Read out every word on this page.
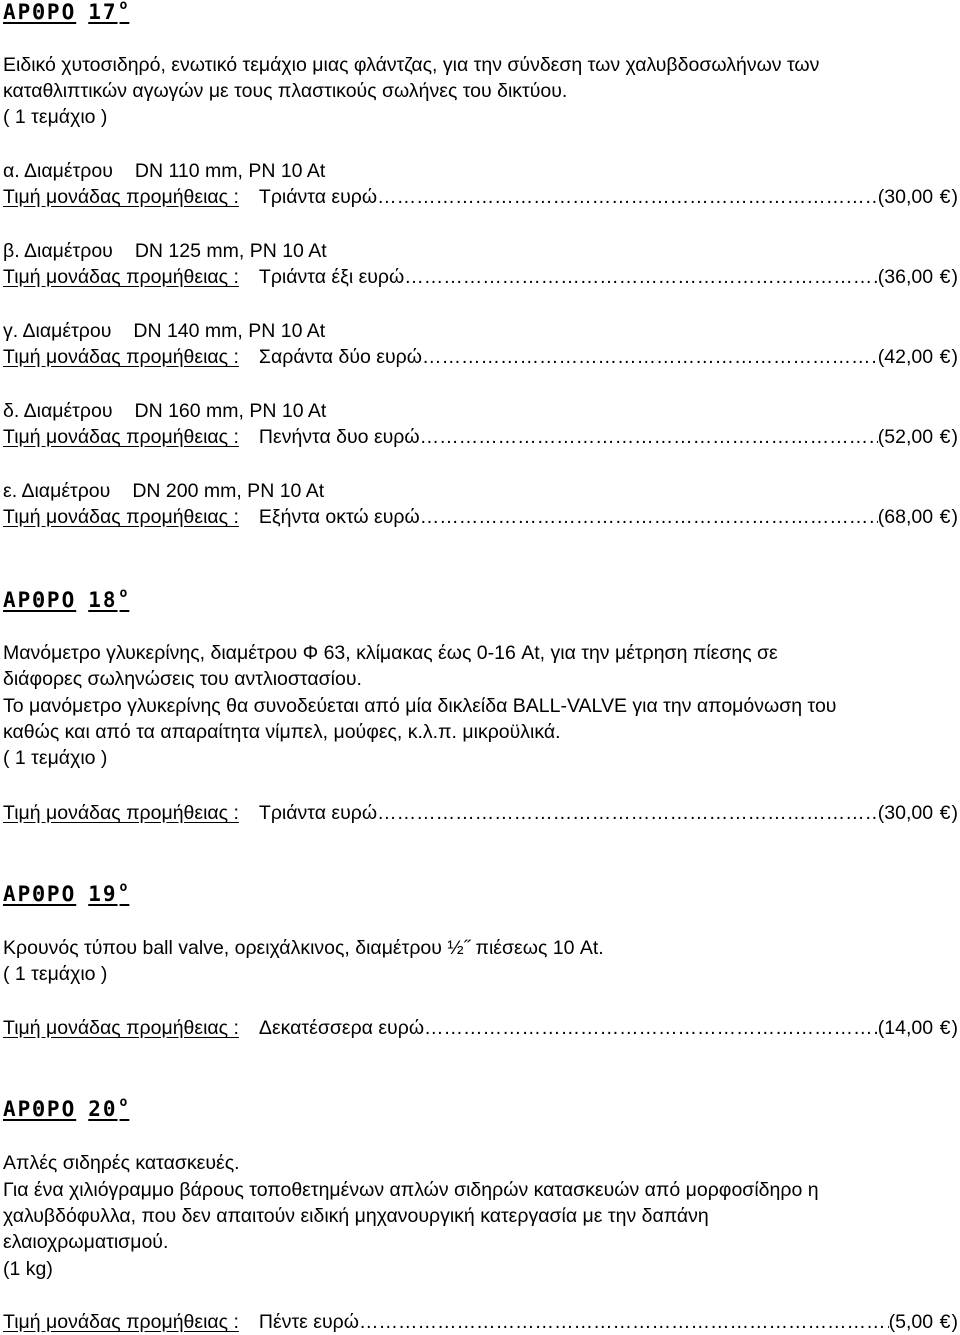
ΑΡΘΡΟ 17 $^o$
Ειδικό χυτοσιδηρό, ενωτικό τεμάχιο μιας φλάντζας, για την σύνδεση των χαλυβδοσωλήνων των
καταθλιπτικών αγωγών με τους πλαστικούς σωλήνες του δικτύου.
( 1 τεμάχιο )
α. Διαμέτρου DN 110 mm, PN 10 At
Τιμή μονάδας προμήθειας : Τριάντα ευρώ ………………………………………………………………………………………………………………………………	(30,00 €)
β. Διαμέτρου DN 125 mm, PN 10 At
Τιμή μονάδας προμήθειας : Τριάντα έξι ευρώ ………………………………………………………………………………………………………………………………	(36,00 €)
γ. Διαμέτρου DN 140 mm, PN 10 At
Τιμή μονάδας προμήθειας : Σαράντα δύο ευρώ ………………………………………………………………………………………………………………………………	(42,00 €)
δ. Διαμέτρου DN 160 mm, PN 10 At
Τιμή μονάδας προμήθειας : Πενήντα δυο ευρώ ………………………………………………………………………………………………………………………………	(52,00 €)
ε. Διαμέτρου DN 200 mm, PN 10 At
Τιμή μονάδας προμήθειας : Εξήντα οκτώ ευρώ ………………………………………………………………………………………………………………………………	(68,00 €)
ΑΡΘΡΟ 18 $^o$
Μανόμετρο γλυκερίνης, διαμέτρου Φ 63, κλίμακας έως 0-16 At, για την μέτρηση πίεσης σε
διάφορες σωληνώσεις του αντλιοστασίου.
Το μανόμετρο γλυκερίνης θα συνοδεύεται από μία δικλείδα BALL-VALVE για την απομόνωση του
καθώς και από τα απαραίτητα νίμπελ, μούφες, κ.λ.π. μικροϋλικά.
( 1 τεμάχιο )
Τιμή μονάδας προμήθειας : Τριάντα ευρώ ………………………………………………………………………………………………………………………………	(30,00 €)
ΑΡΘΡΟ 19 $^o$
Κρουνός τύπου ball valve, ορειχάλκινος, διαμέτρου ½˝ πιέσεως 10 At.
( 1 τεμάχιο )
Τιμή μονάδας προμήθειας : Δεκατέσσερα ευρώ ………………………………………………………………………………………………………………………………	(14,00 €)
ΑΡΘΡΟ 20 $^o$
Απλές σιδηρές κατασκευές.
Για ένα χιλιόγραμμο βάρους τοποθετημένων απλών σιδηρών κατασκευών από μορφοσίδηρο η
χαλυβδόφυλλα, που δεν απαιτούν ειδική μηχανουργική κατεργασία με την δαπάνη
ελαιοχρωματισμού.
(1 kg)
Τιμή μονάδας προμήθειας : Πέντε ευρώ ………………………………………………………………………………………………………………………………	(5,00 €)
